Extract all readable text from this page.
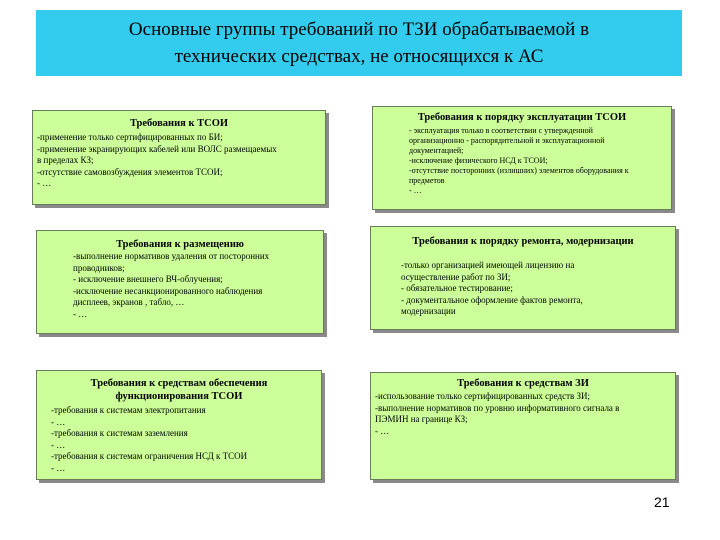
Основные группы требований по ТЗИ обрабатываемой в
технических средствах, не относящихся к АС
Требования к ТСОИ
-применение только сертифицированных по БИ;
-применение экранирующих кабелей или ВОЛС размещаемых
в пределах КЗ;
-отсутствие самовозбуждения элементов ТСОИ;
- …
Требования к порядку эксплуатации ТСОИ
- эксплуатация только в соответствии с утвержденной
организационно - распорядительной и эксплуатационной
документацией;
-исключение физического НСД к ТСОИ;
-отсутствие посторонних (излишних) элементов оборудования к
предметов
- …
Требования к размещению
-выполнение нормативов удаления от посторонних
проводников;
- исключение внешнего ВЧ-облучения;
-исключение несанкционированного наблюдения
дисплеев, экранов , табло, …
- …
Требования к порядку ремонта, модернизации
-только организацией имеющей лицензию на
осуществление работ по ЗИ;
- обязательное тестирование;
- документальное оформление фактов ремонта,
модернизации
Требования к средствам обеспечения
функционирования ТСОИ
-требования к системам электропитания
- …
-требования к системам заземления
- …
-требования к системам ограничения НСД к ТСОИ
- …
Требования к средствам ЗИ
-использование только сертифицированных средств ЗИ;
-выполнение нормативов по уровню информативного сигнала в
ПЭМИН на границе КЗ;
- …
21
